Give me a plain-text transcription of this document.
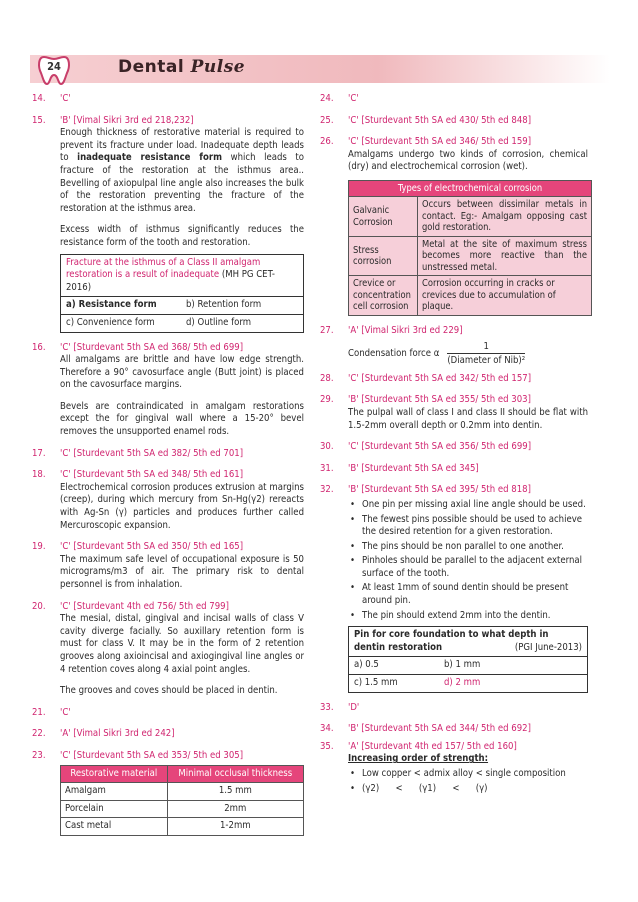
24	Dental Pulse
14. 'C'
15. 'B' [Vimal Sikri 3rd ed 218,232]

Enough thickness of restorative material is required to prevent its fracture under load. Inadequate depth leads to inadequate resistance form which leads to fracture of the restoration at the isthmus area.. Bevelling of axiopulpal line angle also increases the bulk of the restoration preventing the fracture of the restoration at the isthmus area.

Excess width of isthmus significantly reduces the resistance form of the tooth and restoration.

Fracture at the isthmus of a Class II amalgam restoration is a result of inadequate (MH PG CET- 2016)
a) Resistance form	b) Retention form
c) Convenience form	d) Outline form
16. 'C' [Sturdevant 5th SA ed 368/ 5th ed 699]

All amalgams are brittle and have low edge strength. Therefore a 90° cavosurface angle (Butt joint) is placed on the cavosurface margins.

Bevels are contraindicated in amalgam restorations except the for gingival wall where a 15-20° bevel removes the unsupported enamel rods.

17. 'C' [Sturdevant 5th SA ed 382/ 5th ed 701]
18. 'C' [Sturdevant 5th SA ed 348/ 5th ed 161]

Electrochemical corrosion produces extrusion at margins (creep), during which mercury from Sn-Hg(γ2) rereacts with Ag-Sn (γ) particles and produces further called Mercuroscopic expansion.

19. 'C' [Sturdevant 5th SA ed 350/ 5th ed 165]

The maximum safe level of occupational exposure is 50 micrograms/m3 of air. The primary risk to dental personnel is from inhalation.

20. 'C' [Sturdevant 4th ed 756/ 5th ed 799]

The mesial, distal, gingival and incisal walls of class V cavity diverge facially. So auxillary retention form is must for class V. It may be in the form of 2 retention grooves along axioincisal and axiogingival line angles or 4 retention coves along 4 axial point angles.

The grooves and coves should be placed in dentin.

21. 'C'
22. 'A' [Vimal Sikri 3rd ed 242]
23. 'C' [Sturdevant 5th SA ed 353/ 5th ed 305]
Restorative material	Minimal occlusal thickness
Amalgam	1.5 mm
Porcelain	2mm
Cast metal	1-2mm
24. 'C'
25. 'C' [Sturdevant 5th SA ed 430/ 5th ed 848]
26. 'C' [Sturdevant 5th SA ed 346/ 5th ed 159]

Amalgams undergo two kinds of corrosion, chemical (dry) and electrochemical corrosion (wet).

Types of electrochemical corrosion	
Galvanic Corrosion	Occurs between dissimilar metals in contact. Eg:- Amalgam opposing cast gold restoration.
Stress corrosion	Metal at the site of maximum stress becomes more reactive than the unstressed metal.
Crevice or concentration cell corrosion	Corrosion occurring in cracks or crevices due to accumulation of plaque.
27. 'A' [Vimal Sikri 3rd ed 229]
Condensation force α
1
(Diameter of Nib)²
28. 'C' [Sturdevant 5th SA ed 342/ 5th ed 157]
29. 'B' [Sturdevant 5th SA ed 355/ 5th ed 303]

The pulpal wall of class I and class II should be flat with 1.5-2mm overall depth or 0.2mm into dentin.

30. 'C' [Sturdevant 5th SA ed 356/ 5th ed 699]
31. 'B' [Sturdevant 5th SA ed 345]
32. 'B' [Sturdevant 5th SA ed 395/ 5th ed 818]

• One pin per missing axial line angle should be used.

• The fewest pins possible should be used to achieve the desired retention for a given restoration.

• The pins should be non parallel to one another.

• Pinholes should be parallel to the adjacent external surface of the tooth.

• At least 1mm of sound dentin should be present around pin.

• The pin should extend 2mm into the dentin.

Pin for core foundation to what depth in dentin restoration	(PGI June-2013)
a) 0.5	b) 1 mm
c) 1.5 mm	d) 2 mm
33. 'D'
34. 'B' [Sturdevant 5th SA ed 344/ 5th ed 692]
35. 'A' [Sturdevant 4th ed 157/ 5th ed 160]
Increasing order of strength:

• Low copper < admix alloy < single composition

• (γ2)      <      (γ1)      <      (γ)
